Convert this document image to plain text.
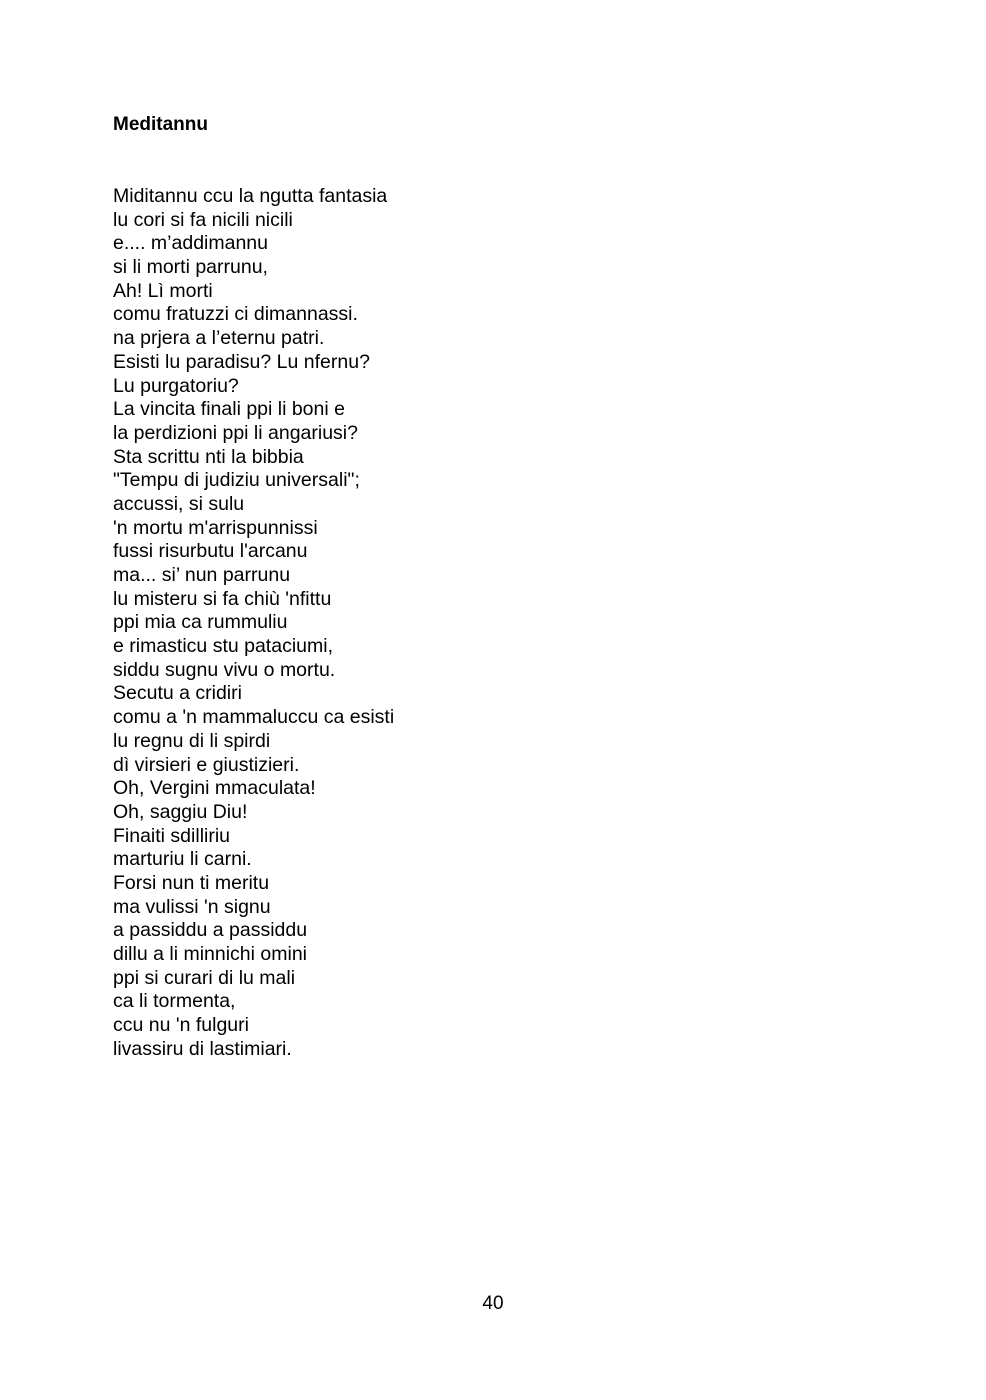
Meditannu
Miditannu ccu la ngutta fantasia
lu cori si fa nicili nicili
e.... m’addimannu
si li morti parrunu,
Ah! Lì morti
comu fratuzzi ci dimannassi.
na prjera a l’eternu patri.
Esisti lu paradisu? Lu nfernu?
Lu purgatoriu?
La vincita finali ppi li boni e
la perdizioni ppi li angariusi?
Sta scrittu nti la bibbia
"Tempu di judiziu universali";
accussi, si sulu
'n mortu m'arrispunnissi
fussi risurbutu l'arcanu
ma... si’ nun parrunu
lu misteru si fa chiù 'nfittu
ppi mia ca rummuliu
e rimasticu stu pataciumi,
siddu sugnu vivu o mortu.
Secutu a cridiri
comu a 'n mammaluccu ca esisti
lu regnu di li spirdi
dì virsieri e giustizieri.
Oh, Vergini mmaculata!
Oh, saggiu Diu!
Finaiti sdilliriu
marturiu li carni.
Forsi nun ti meritu
ma vulissi 'n signu
a passiddu a passiddu
dillu a li minnichi omini
ppi si curari di lu mali
ca li tormenta,
ccu nu 'n fulguri
livassiru di lastimiari.
40
